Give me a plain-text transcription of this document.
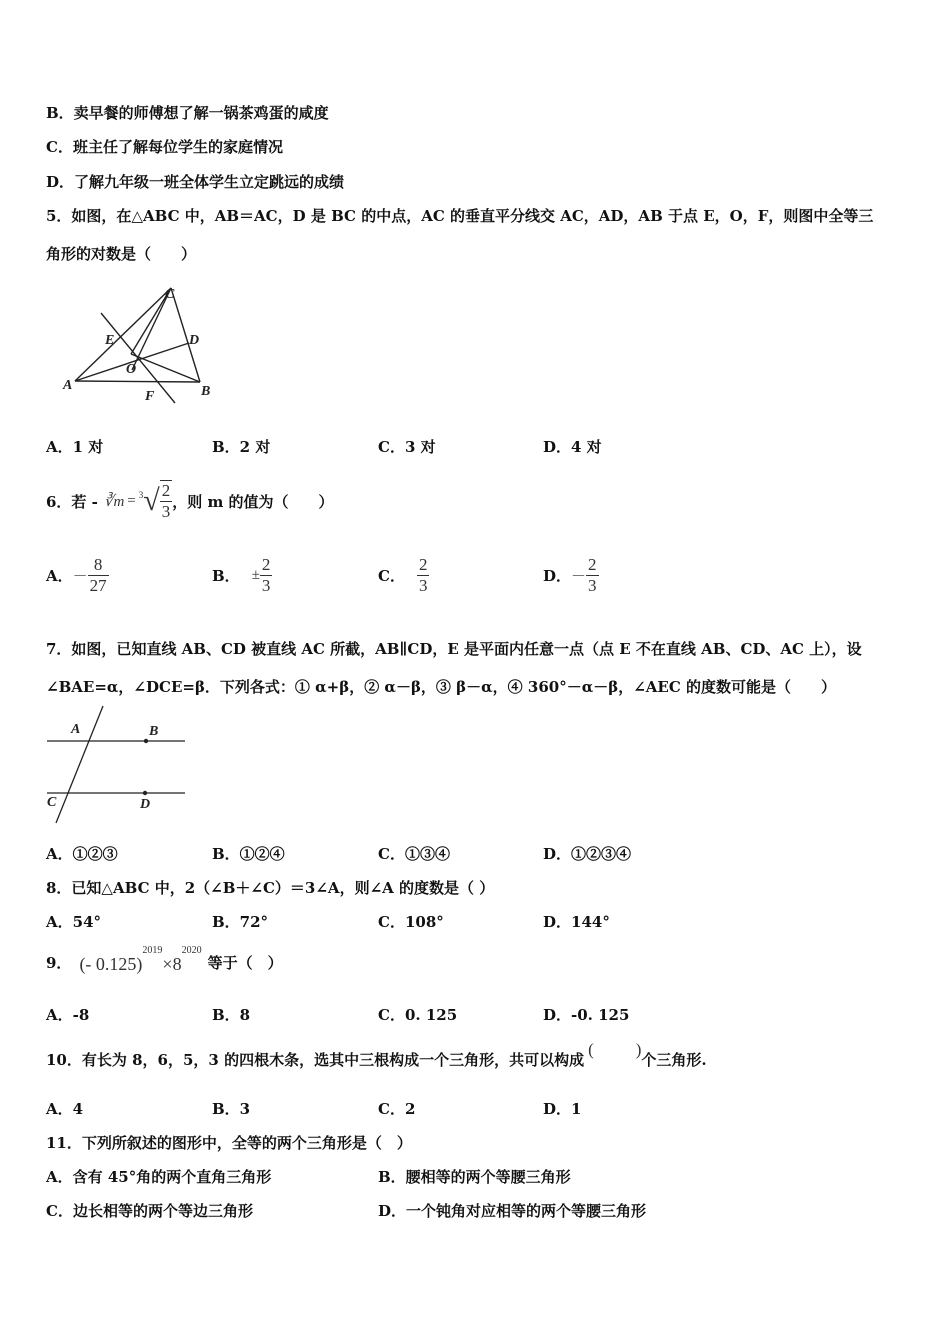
B．卖早餐的师傅想了解一锅茶鸡蛋的咸度
C．班主任了解每位学生的家庭情况
D．了解九年级一班全体学生立定跳远的成绩
5．如图，在△ABC 中，AB＝AC，D 是 BC 的中点，AC 的垂直平分线交 AC，AD，AB 于点 E，O，F，则图中全等三
角形的对数是（　　）
C
D
E
O
A	B
F
A．1 对	B．2 对	C．3 对	D．4 对
6．若 - ∛m = 3 √ $\frac{2}{3}$ ，则 m 的值为（　　）
A． － $\frac{8}{27}$	B． ± $\frac{2}{3}$	C． $\frac{2}{3}$	D． － $\frac{2}{3}$
7．如图，已知直线 AB、CD 被直线 AC 所截，AB∥CD，E 是平面内任意一点（点 E 不在直线 AB、CD、AC 上），设
∠BAE=α，∠DCE=β．下列各式：① α+β，② α－β，③ β－α，④ 360°－α－β，∠AEC 的度数可能是（　　）
A	B
C	D
A．①②③	B．①②④	C．①③④	D．①②③④
8．已知△ABC 中，2（∠B＋∠C）＝3∠A，则∠A 的度数是（ ）
A．54°	B．72°	C．108°	D．144°
9． (- 0.125)
2019
×8
2020
等于（　）
A．-8	B．8	C．0. 125	D．-0. 125
10．有长为 8，6，5，3 的四根木条，选其中三根构成一个三角形，共可以构成
( )
个三角形.
A．4	B．3	C．2	D．1
11．下列所叙述的图形中，全等的两个三角形是（　）
A．含有 45°角的两个直角三角形	B．腰相等的两个等腰三角形
C．边长相等的两个等边三角形	D．一个钝角对应相等的两个等腰三角形
